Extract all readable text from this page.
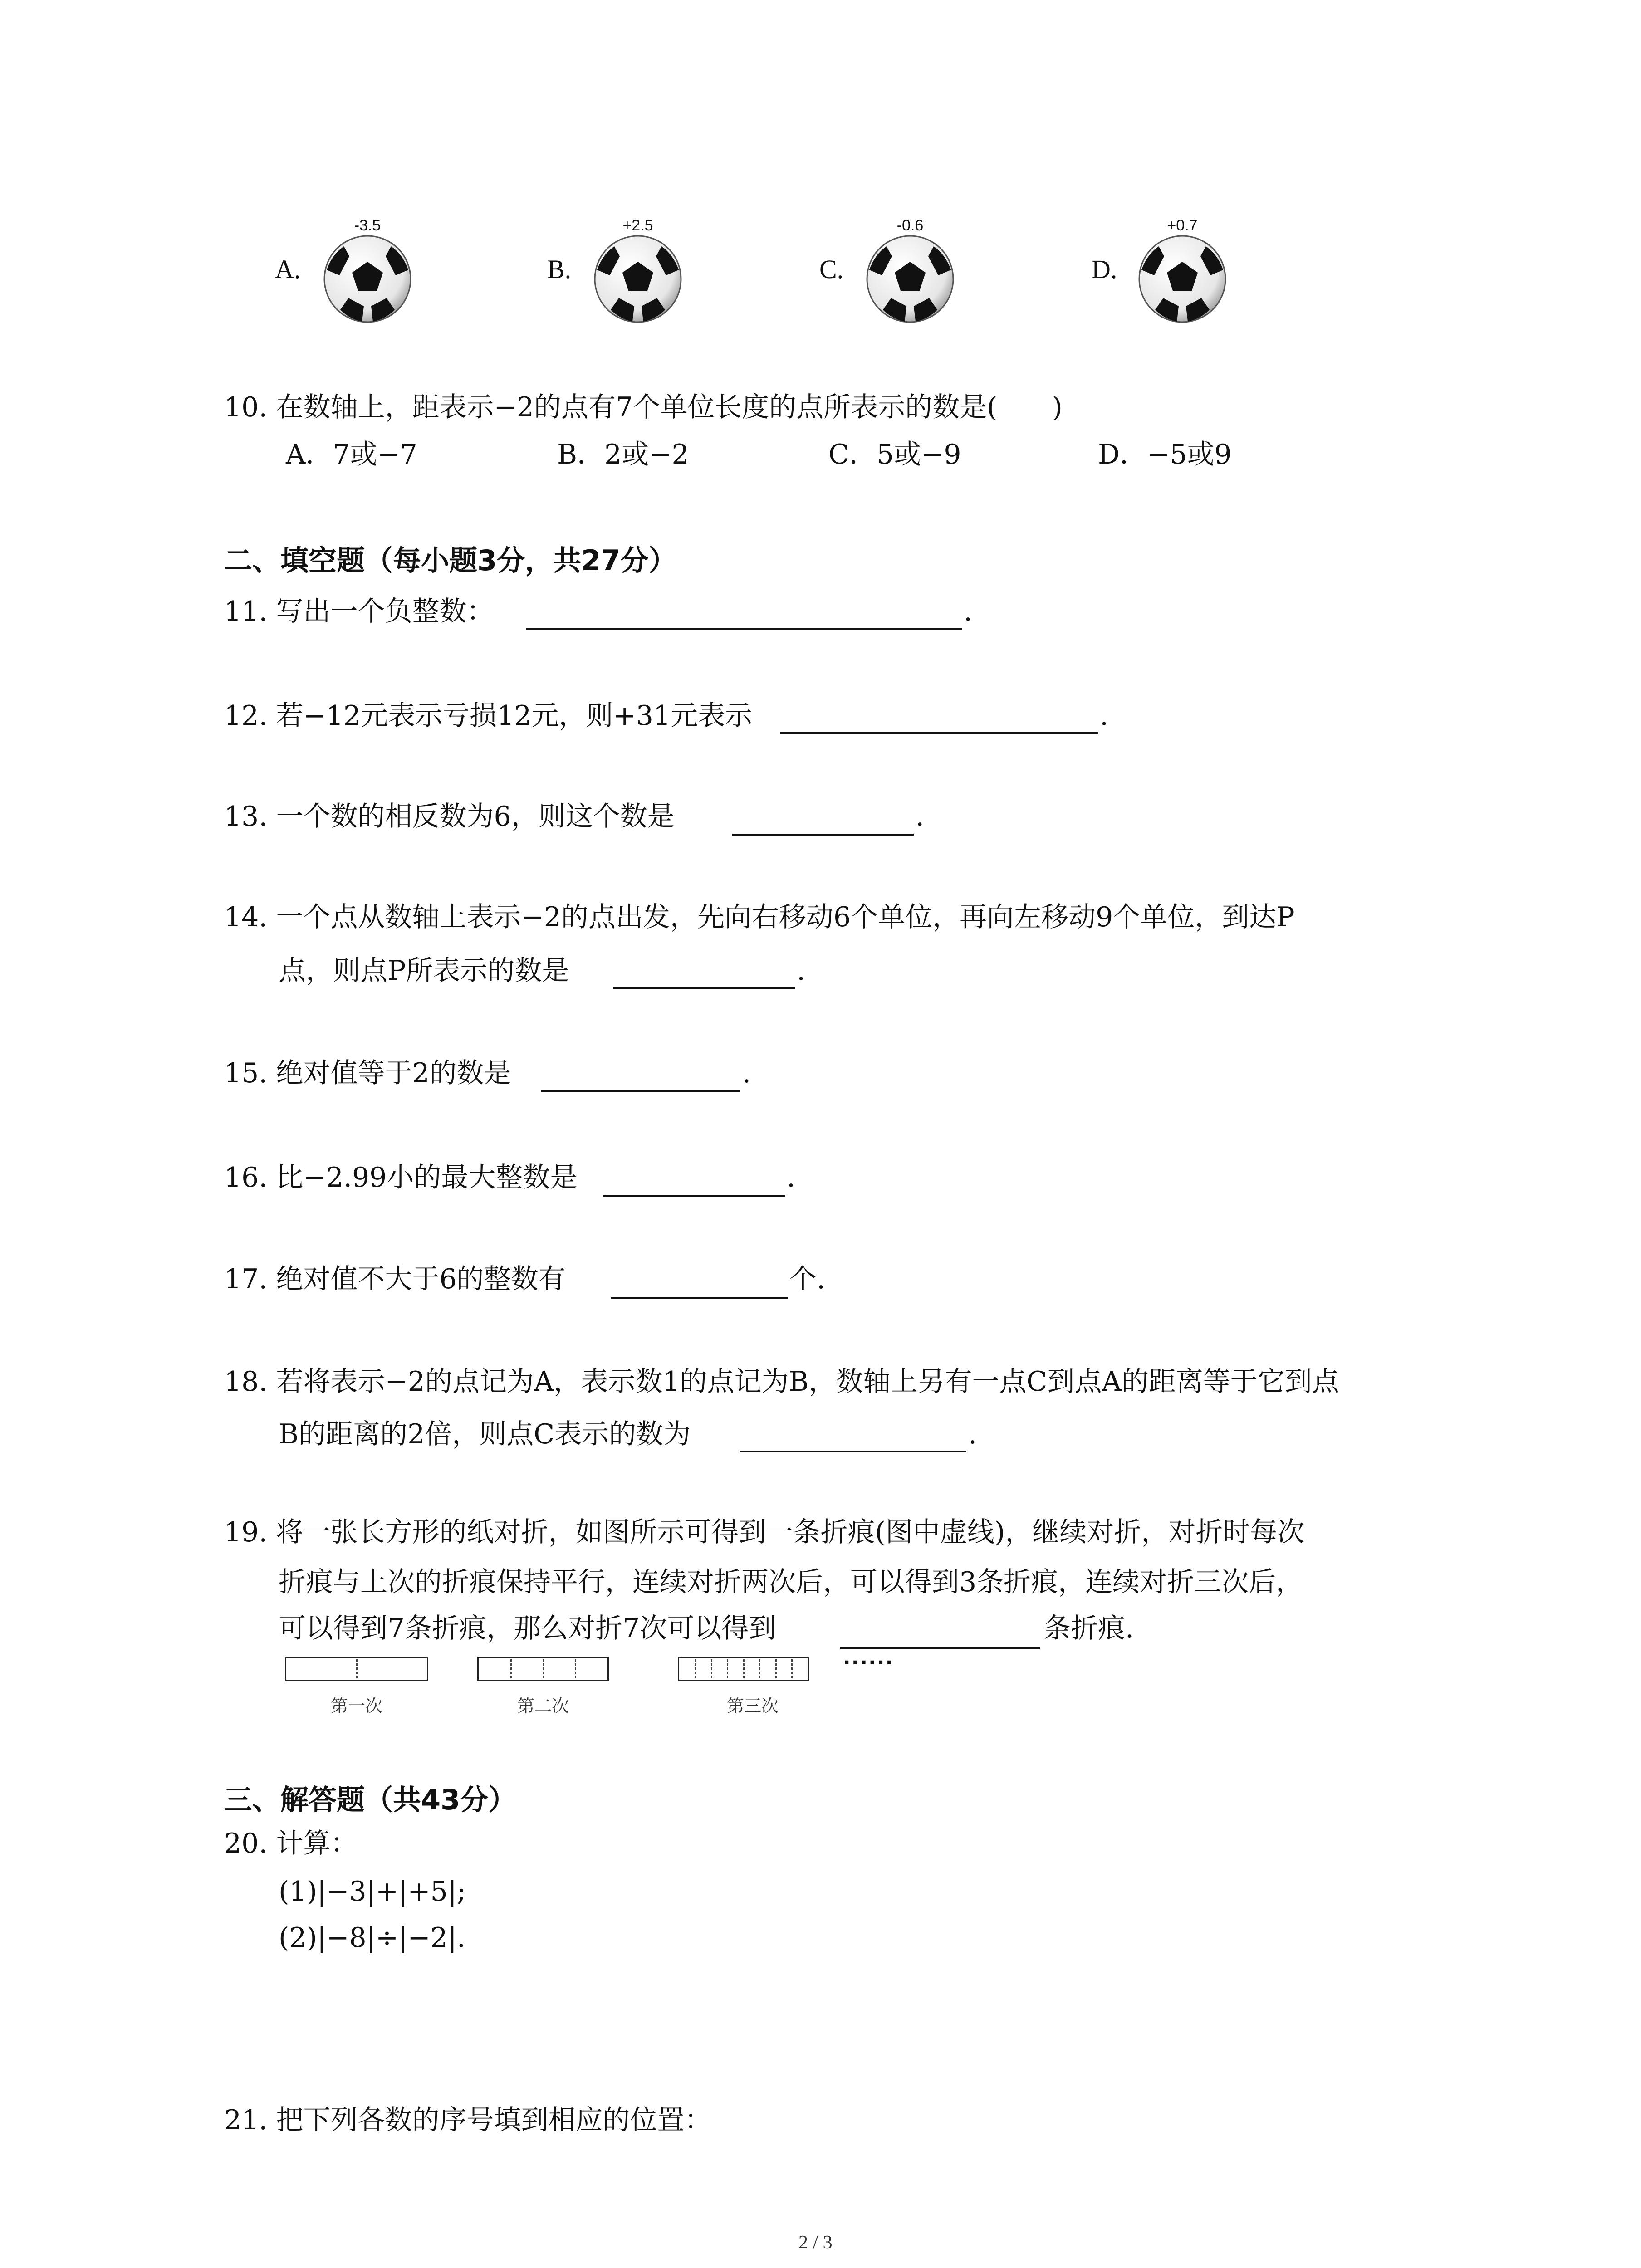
A.
-3.5
B.
+2.5
C.
-0.6
D.
+0.7
10. 在数轴上，距表示−2的点有7个单位长度的点所表示的数是(　　)
A．7或−7	B．2或−2	C．5或−9	D．−5或9
二、填空题（每小题3分，共27分）
11. 写出一个负整数：	.
12. 若−12元表示亏损12元，则+31元表示	.
13. 一个数的相反数为6，则这个数是	.
14. 一个点从数轴上表示−2的点出发，先向右移动6个单位，再向左移动9个单位，到达P
点，则点P所表示的数是	.
15. 绝对值等于2的数是	.
16. 比−2.99小的最大整数是	.
17. 绝对值不大于6的整数有	个.
18. 若将表示−2的点记为A，表示数1的点记为B，数轴上另有一点C到点A的距离等于它到点
B的距离的2倍，则点C表示的数为	.
19. 将一张长方形的纸对折，如图所示可得到一条折痕(图中虚线)，继续对折，对折时每次
折痕与上次的折痕保持平行，连续对折两次后，可以得到3条折痕，连续对折三次后，
可以得到7条折痕，那么对折7次可以得到	条折痕.
第一次	第二次	第三次
······
三、解答题（共43分）
20. 计算：
(1)|−3|+|+5|;
(2)|−8|÷|−2|.
21. 把下列各数的序号填到相应的位置：
2 / 3
